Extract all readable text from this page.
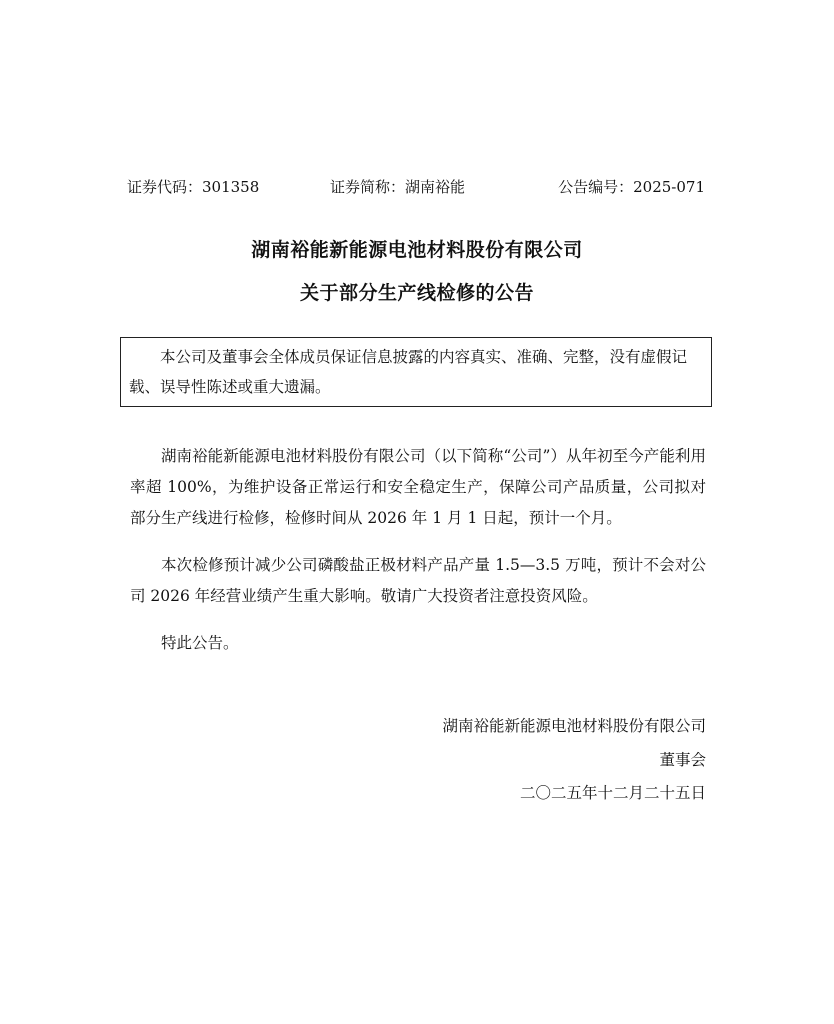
证券代码：301358	证券简称：湖南裕能	公告编号：2025-071
湖南裕能新能源电池材料股份有限公司
关于部分生产线检修的公告
本公司及董事会全体成员保证信息披露的内容真实、准确、完整，没有虚假记载、误导性陈述或重大遗漏。
湖南裕能新能源电池材料股份有限公司（以下简称“公司”）从年初至今产能利用率超 100%，为维护设备正常运行和安全稳定生产，保障公司产品质量，公司拟对部分生产线进行检修，检修时间从 2026 年 1 月 1 日起，预计一个月。
本次检修预计减少公司磷酸盐正极材料产品产量 1.5—3.5 万吨，预计不会对公司 2026 年经营业绩产生重大影响。敬请广大投资者注意投资风险。
特此公告。
湖南裕能新能源电池材料股份有限公司
董事会
二〇二五年十二月二十五日
